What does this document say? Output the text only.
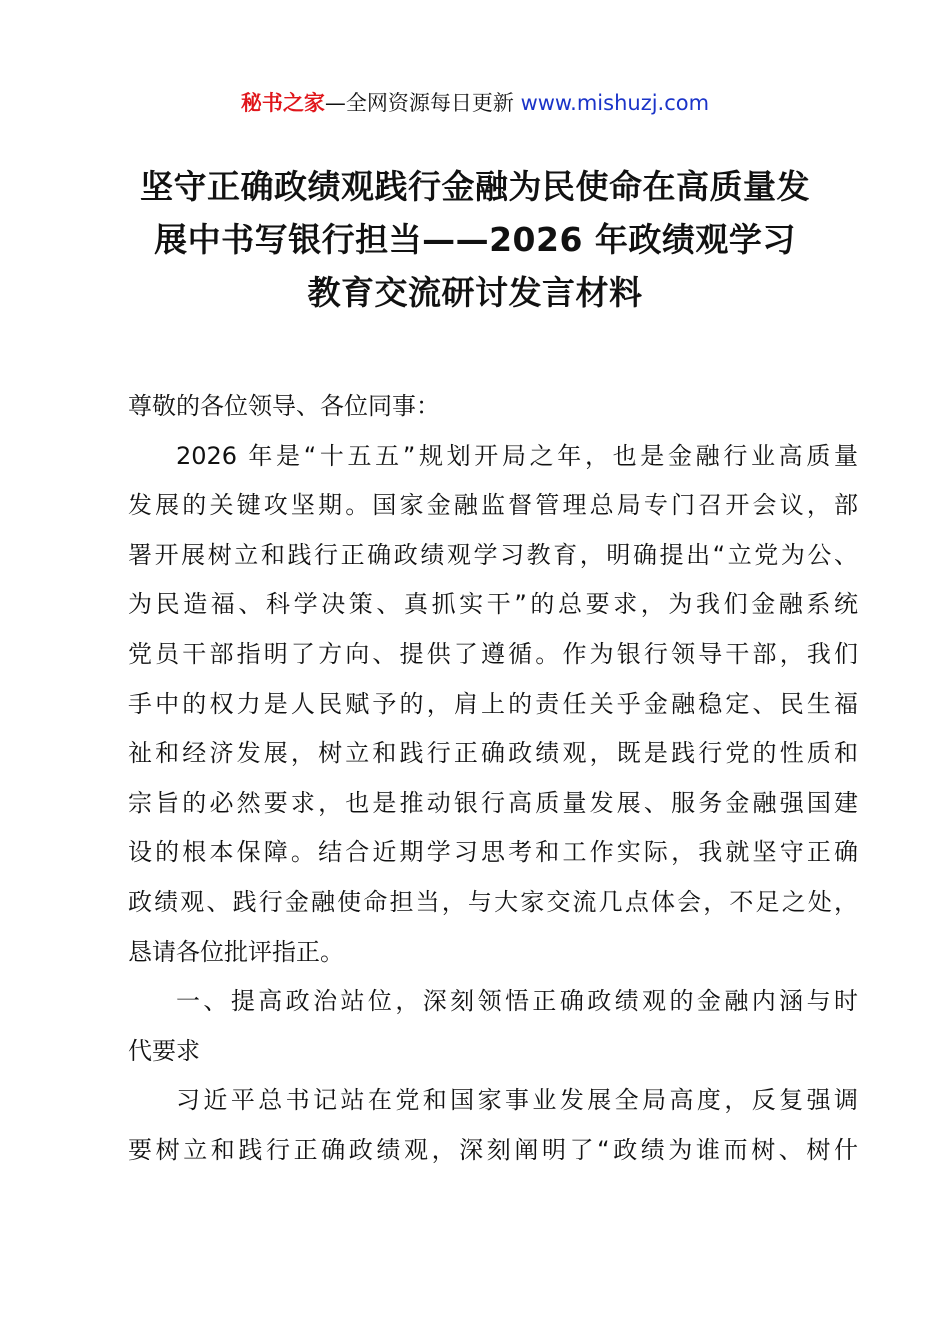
秘书之家—全网资源每日更新 www.mishuzj.com
坚守正确政绩观践行金融为民使命在高质量发
展中书写银行担当——2026 年政绩观学习
教育交流研讨发言材料
尊敬的各位领导、各位同事：
2026 年是“十五五”规划开局之年，也是金融行业高质量
发展的关键攻坚期。国家金融监督管理总局专门召开会议，部
署开展树立和践行正确政绩观学习教育，明确提出“立党为公、
为民造福、科学决策、真抓实干”的总要求，为我们金融系统
党员干部指明了方向、提供了遵循。作为银行领导干部，我们
手中的权力是人民赋予的，肩上的责任关乎金融稳定、民生福
祉和经济发展，树立和践行正确政绩观，既是践行党的性质和
宗旨的必然要求，也是推动银行高质量发展、服务金融强国建
设的根本保障。结合近期学习思考和工作实际，我就坚守正确
政绩观、践行金融使命担当，与大家交流几点体会，不足之处，
恳请各位批评指正。
一、提高政治站位，深刻领悟正确政绩观的金融内涵与时
代要求
习近平总书记站在党和国家事业发展全局高度，反复强调
要树立和践行正确政绩观，深刻阐明了“政绩为谁而树、树什
